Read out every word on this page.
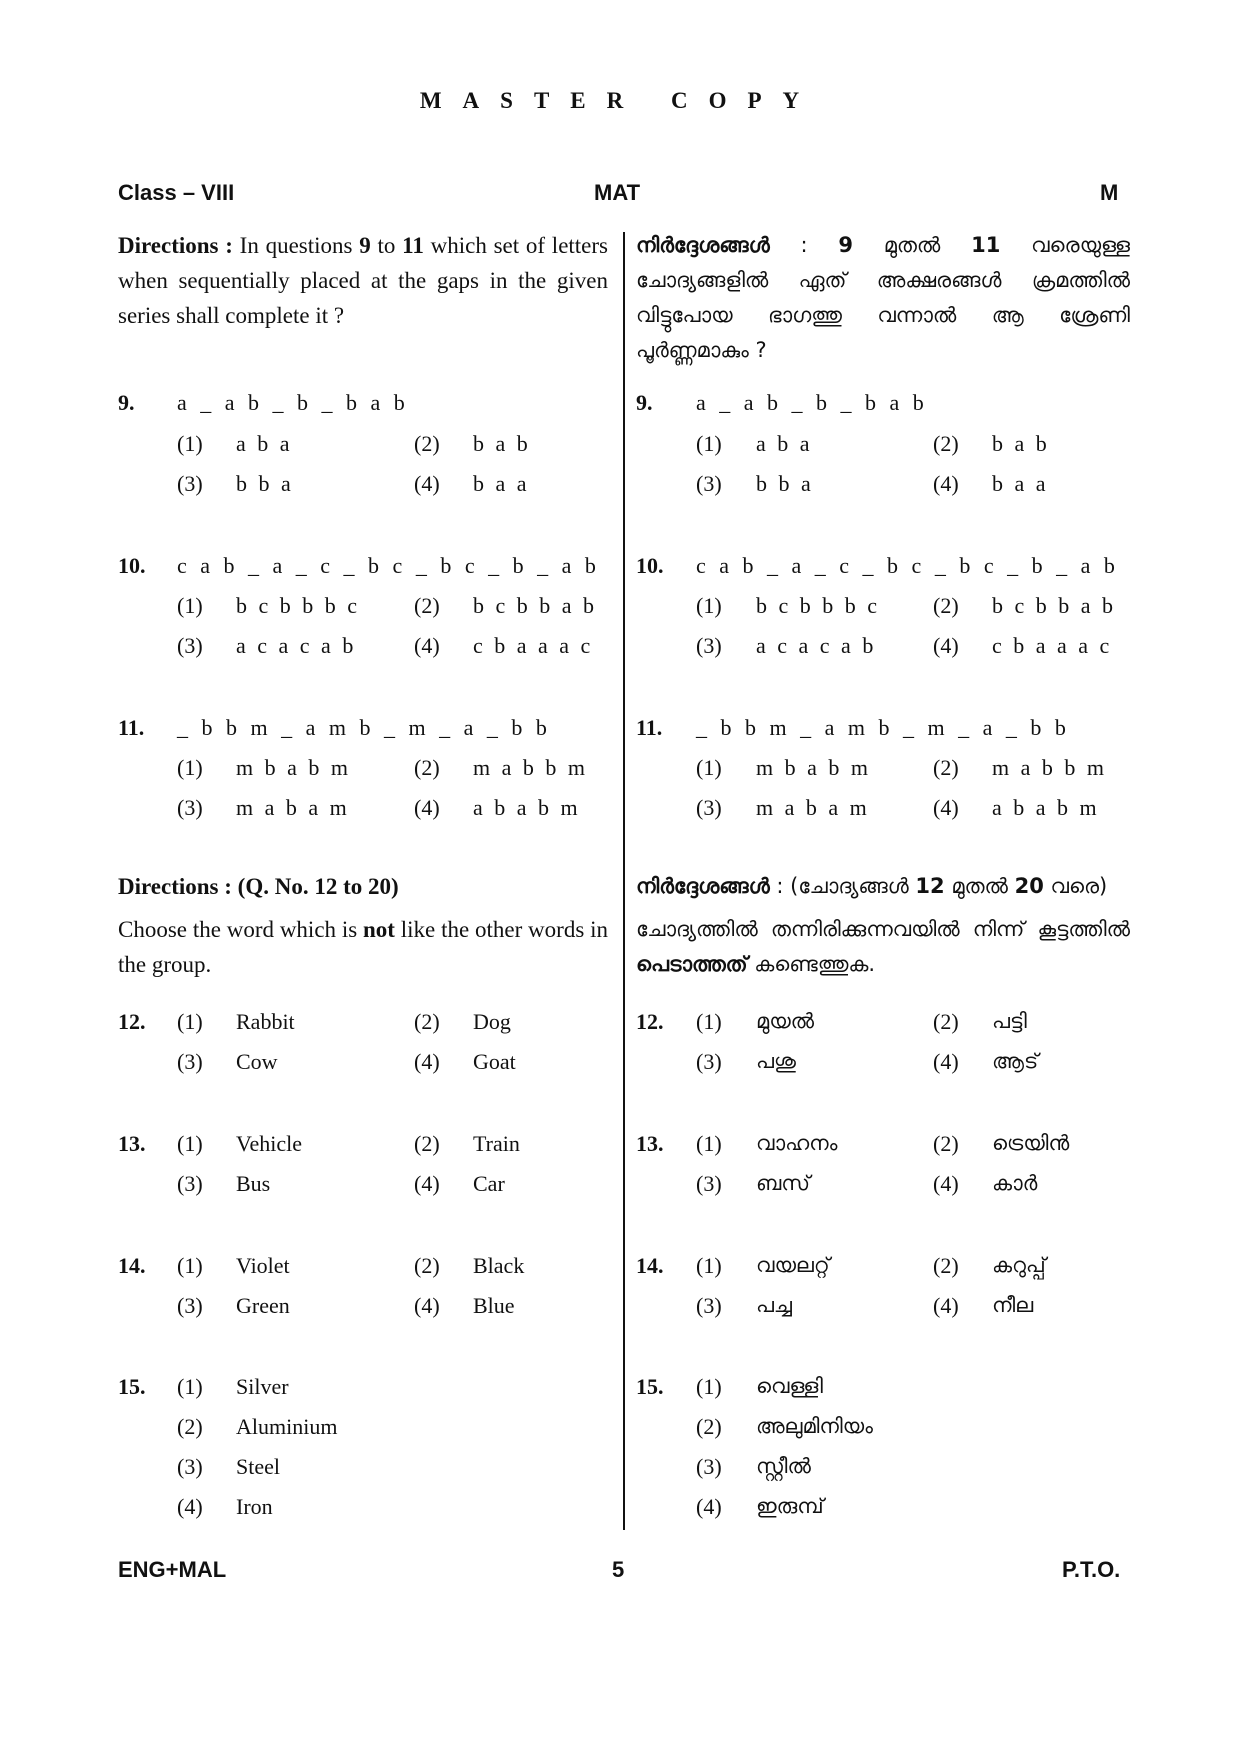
MASTER COPY
Class – VIII	MAT	M
Directions : In questions 9 to 11 which set of letters when sequentially placed at the gaps in the given series shall complete it ?
നിർദ്ദേശങ്ങൾ : 9 മുതൽ 11 വരെയുള്ള ചോദ്യങ്ങളിൽ ഏത് അക്ഷരങ്ങൾ ക്രമത്തിൽ വിട്ടുപോയ ഭാഗത്തു വന്നാൽ ആ ശ്രേണി പൂർണ്ണമാകും ?
9. a _ a b _ b _ b a b
(1) a b a	(2) b a b
(3) b b a	(4) b a a
9. a _ a b _ b _ b a b
(1) a b a	(2) b a b
(3) b b a	(4) b a a
10. c a b _ a _ c _ b c _ b c _ b _ a b
(1) b c b b b c (2) b c b b a b
(3) a c a c a b	(4) c b a a a c
10. c a b _ a _ c _ b c _ b c _ b _ a b
(1) b c b b b c (2) b c b b a b
(3) a c a c a b	(4) c b a a a c
11. _ b b m _ a m b _ m _ a _ b b
(1) m b a b m	(2) m a b b m
(3) m a b a m	(4) a b a b m
11. _ b b m _ a m b _ m _ a _ b b
(1) m b a b m	(2) m a b b m
(3) m a b a m	(4) a b a b m
Directions : (Q. No. 12 to 20)
Choose the word which is not like the other words in the group.
നിർദ്ദേശങ്ങൾ : (ചോദ്യങ്ങൾ 12 മുതൽ 20 വരെ)
ചോദ്യത്തിൽ തന്നിരിക്കുന്നവയിൽ നിന്ന് കൂട്ടത്തിൽ പെടാത്തത് കണ്ടെത്തുക.
12. (1) Rabbit	(2) Dog
(3) Cow	(4) Goat
12. (1) മുയൽ	(2) പട്ടി
(3) പശു	(4) ആട്
13. (1) Vehicle	(2) Train
(3) Bus	(4) Car
13. (1) വാഹനം	(2) ട്രെയിൻ
(3) ബസ്	(4) കാർ
14. (1) Violet	(2) Black
(3) Green	(4) Blue
14. (1) വയലറ്റ്	(2) കറുപ്പ്
(3) പച്ച	(4) നീല
15. (1) Silver
(2) Aluminium
(3) Steel
(4) Iron
15. (1) വെള്ളി
(2) അലുമിനിയം
(3) സ്റ്റീൽ
(4) ഇരുമ്പ്
ENG+MAL	5	P.T.O.
